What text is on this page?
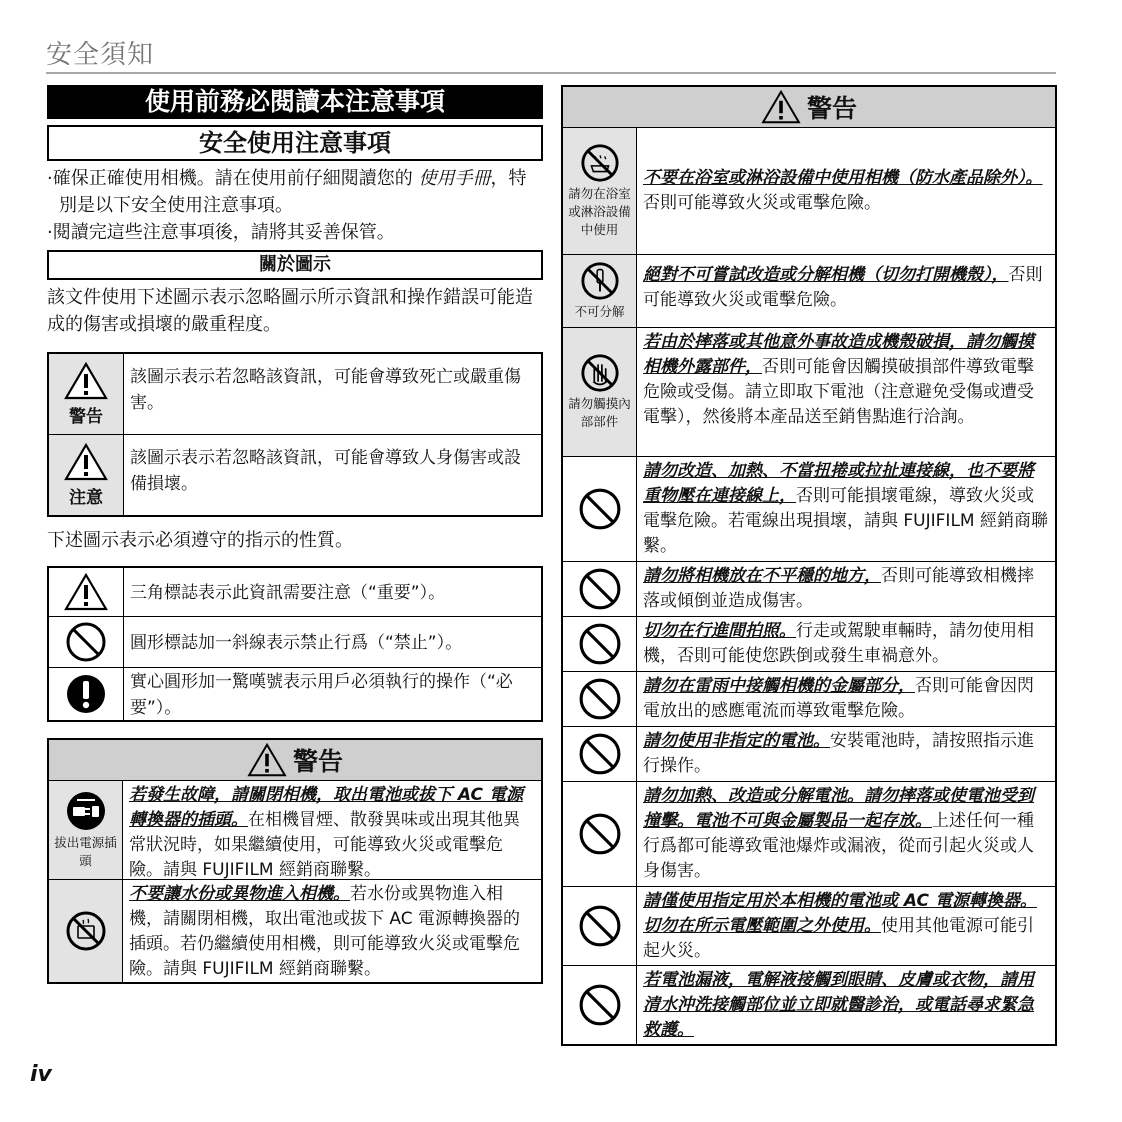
安全須知
使用前務必閱讀本注意事項
安全使用注意事項

·確保正確使用相機。請在使用前仔細閱讀您的 使用手冊，特別是以下安全使用注意事項。

·閱讀完這些注意事項後，請將其妥善保管。

關於圖示

該文件使用下述圖示表示忽略圖示所示資訊和操作錯誤可能造成的傷害或損壞的嚴重程度。

警告
該圖示表示若忽略該資訊，可能會導致死亡或嚴重傷害。
注意
該圖示表示若忽略該資訊，可能會導致人身傷害或設備損壞。

下述圖示表示必須遵守的指示的性質。

三角標誌表示此資訊需要注意（“重要”）。
圓形標誌加一斜線表示禁止行爲（“禁止”）。
實心圓形加一驚嘆號表示用戶必須執行的操作（“必要”）。
警告
拔出電源插頭
若發生故障，請關閉相機，取出電池或拔下 AC 電源轉換器的插頭。在相機冒煙、散發異味或出現其他異常狀況時，如果繼續使用，可能導致火災或電擊危險。請與 FUJIFILM 經銷商聯繫。
不要讓水份或異物進入相機。若水份或異物進入相機，請關閉相機，取出電池或拔下 AC 電源轉換器的插頭。若仍繼續使用相機，則可能導致火災或電擊危險。請與 FUJIFILM 經銷商聯繫。
警告
請勿在浴室或淋浴設備中使用
不要在浴室或淋浴設備中使用相機（防水產品除外）。否則可能導致火災或電擊危險。
不可分解
絕對不可嘗試改造或分解相機（切勿打開機殼），否則可能導致火災或電擊危險。
請勿觸摸內部部件
若由於摔落或其他意外事故造成機殼破損，請勿觸摸相機外露部件，否則可能會因觸摸破損部件導致電擊危險或受傷。請立即取下電池（注意避免受傷或遭受電擊），然後將本產品送至銷售點進行洽詢。
請勿改造、加熱、不當扭捲或拉扯連接線，也不要將重物壓在連接線上，否則可能損壞電線，導致火災或電擊危險。若電線出現損壞，請與 FUJIFILM 經銷商聯繫。
請勿將相機放在不平穩的地方，否則可能導致相機摔落或傾倒並造成傷害。
切勿在行進間拍照。行走或駕駛車輛時，請勿使用相機，否則可能使您跌倒或發生車禍意外。
請勿在雷雨中接觸相機的金屬部分，否則可能會因閃電放出的感應電流而導致電擊危險。
請勿使用非指定的電池。安裝電池時，請按照指示進行操作。
請勿加熱、改造或分解電池。請勿摔落或使電池受到撞擊。電池不可與金屬製品一起存放。上述任何一種行爲都可能導致電池爆炸或漏液，從而引起火災或人身傷害。
請僅使用指定用於本相機的電池或 AC 電源轉換器。切勿在所示電壓範圍之外使用。使用其他電源可能引起火災。
若電池漏液，電解液接觸到眼睛、皮膚或衣物，請用清水沖洗接觸部位並立即就醫診治，或電話尋求緊急救護。
iv
